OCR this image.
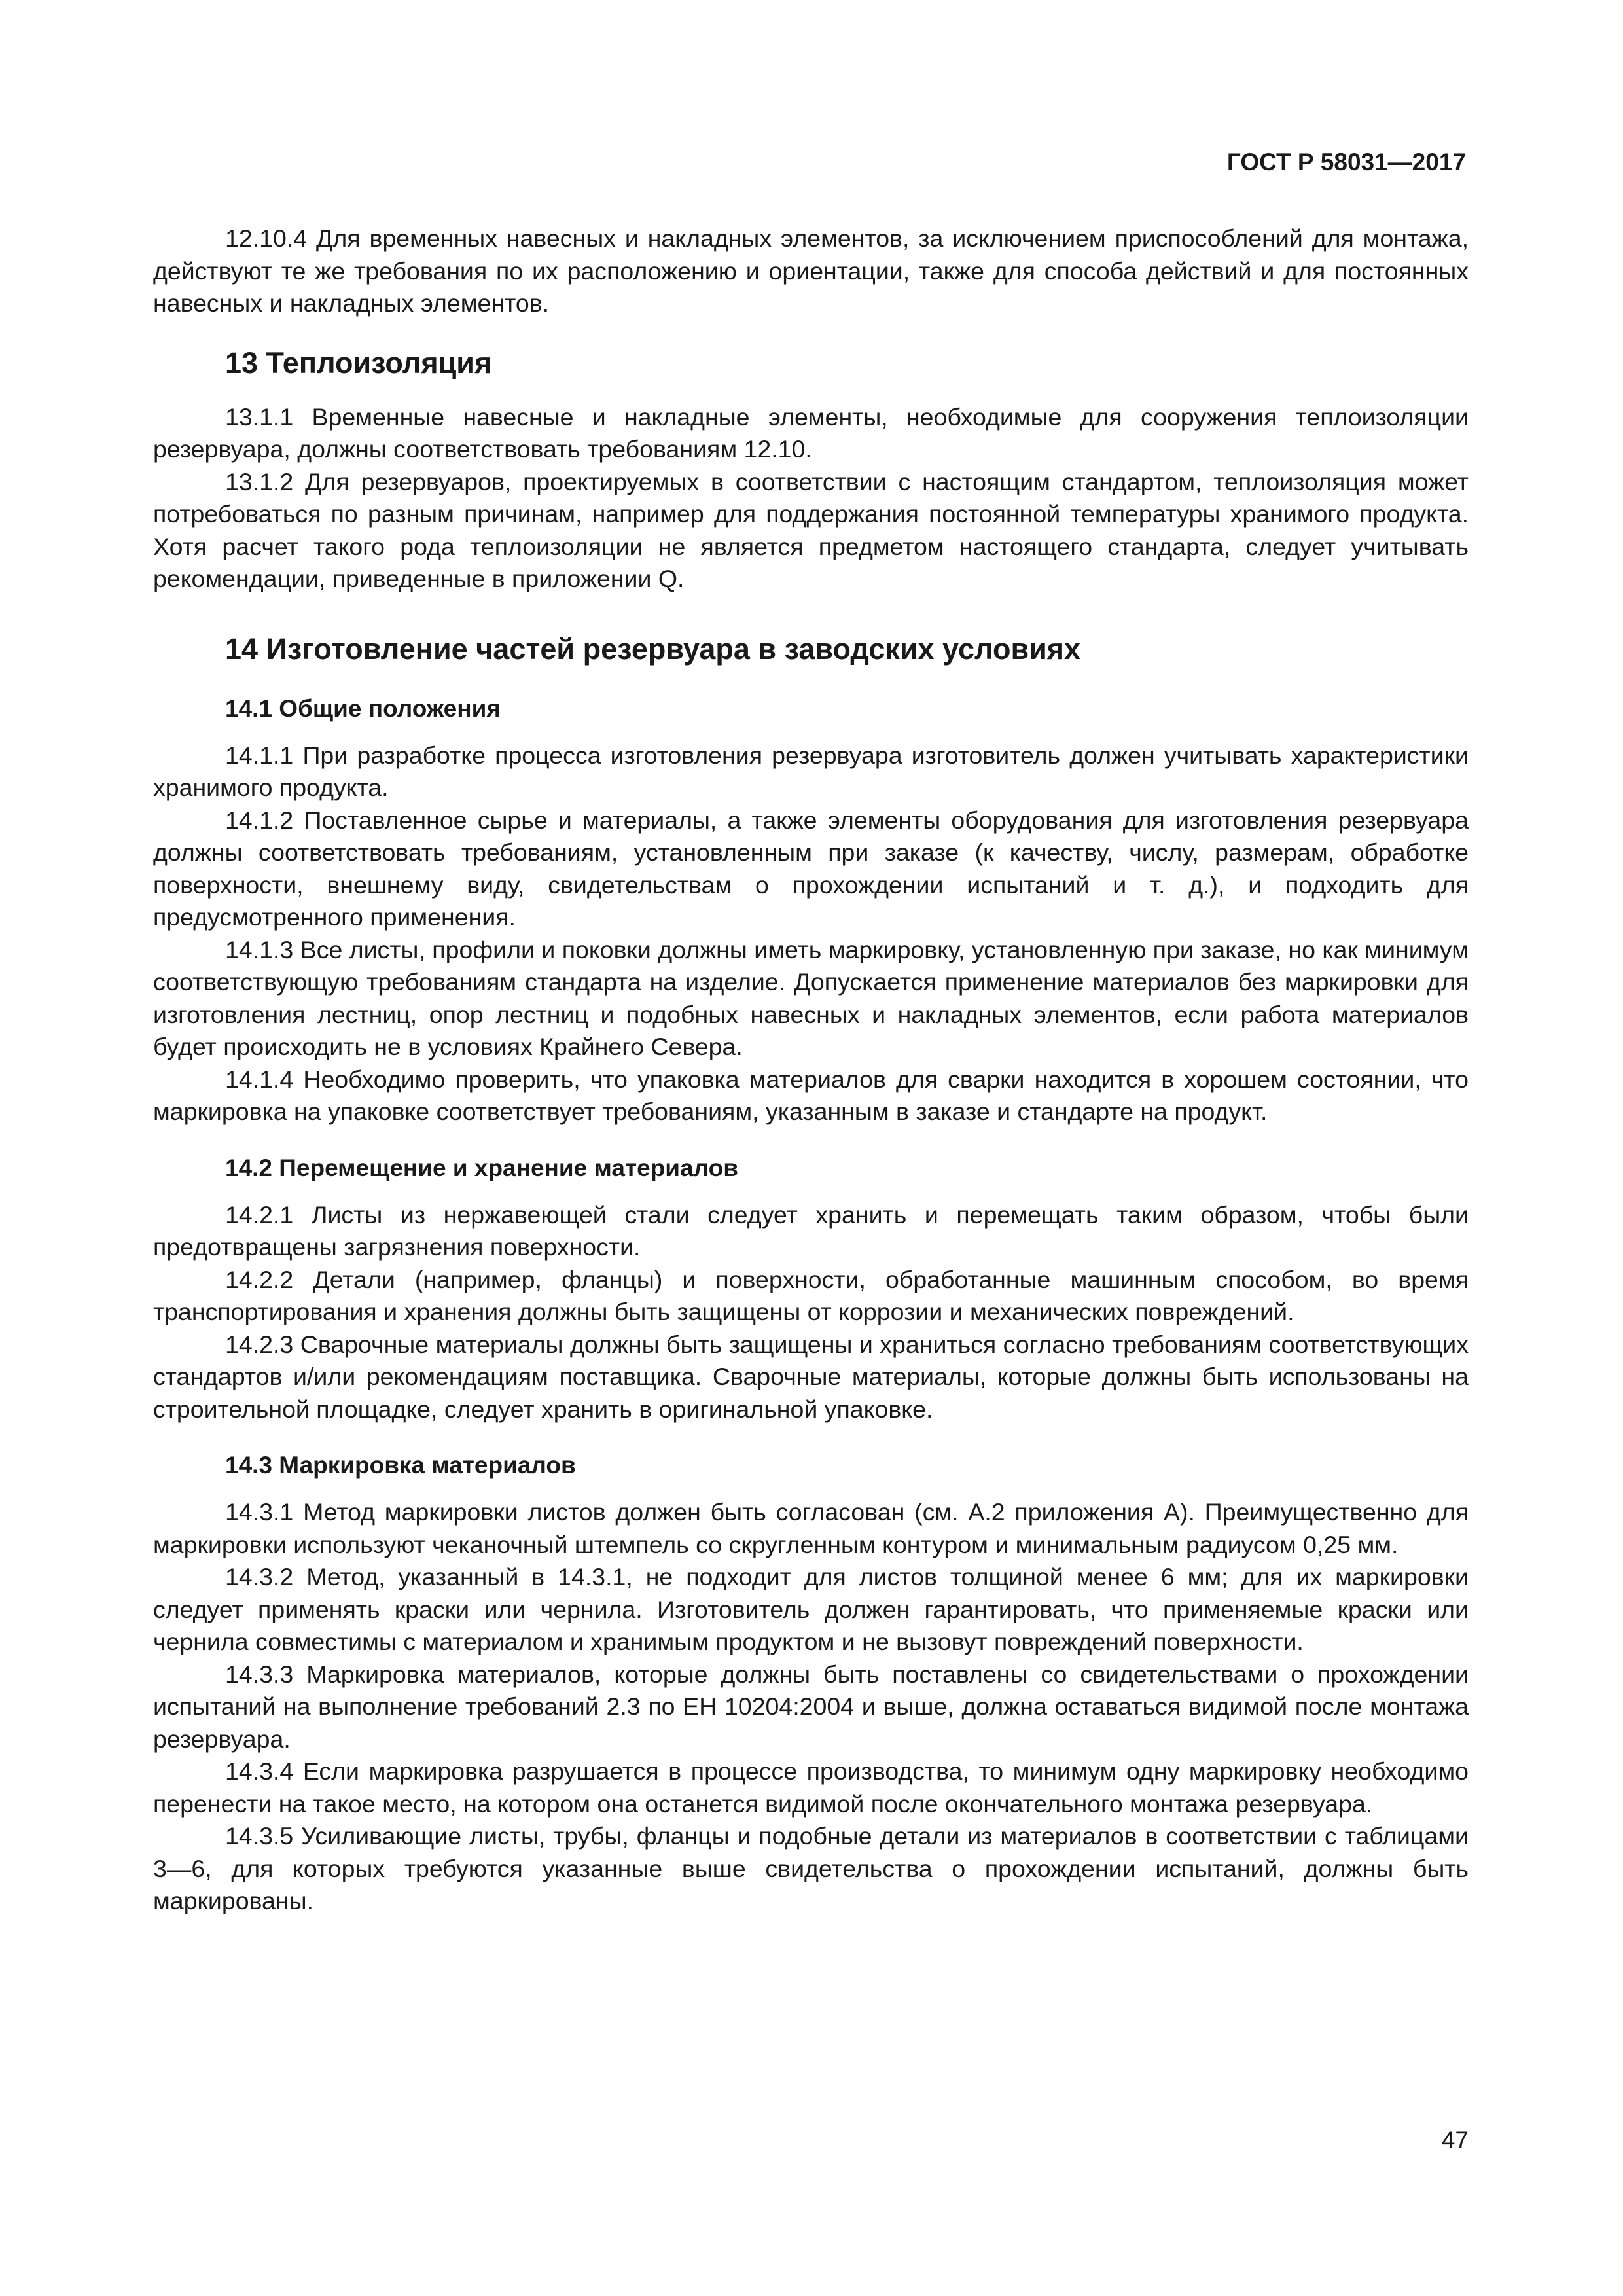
ГОСТ Р 58031—2017

12.10.4 Для временных навесных и накладных элементов, за исключением приспособлений для монтажа, действуют те же требования по их расположению и ориентации, также для способа действий и для постоянных навесных и накладных элементов.

13 Теплоизоляция

13.1.1 Временные навесные и накладные элементы, необходимые для сооружения теплоизоляции резервуара, должны соответствовать требованиям 12.10.

13.1.2 Для резервуаров, проектируемых в соответствии с настоящим стандартом, теплоизоляция может потребоваться по разным причинам, например для поддержания постоянной температуры хранимого продукта. Хотя расчет такого рода теплоизоляции не является предметом настоящего стандарта, следует учитывать рекомендации, приведенные в приложении Q.

14 Изготовление частей резервуара в заводских условиях
14.1 Общие положения

14.1.1 При разработке процесса изготовления резервуара изготовитель должен учитывать характеристики хранимого продукта.

14.1.2 Поставленное сырье и материалы, а также элементы оборудования для изготовления резервуара должны соответствовать требованиям, установленным при заказе (к качеству, числу, размерам, обработке поверхности, внешнему виду, свидетельствам о прохождении испытаний и т. д.), и подходить для предусмотренного применения.

14.1.3 Все листы, профили и поковки должны иметь маркировку, установленную при заказе, но как минимум соответствующую требованиям стандарта на изделие. Допускается применение материалов без маркировки для изготовления лестниц, опор лестниц и подобных навесных и накладных элементов, если работа материалов будет происходить не в условиях Крайнего Севера.

14.1.4 Необходимо проверить, что упаковка материалов для сварки находится в хорошем состоянии, что маркировка на упаковке соответствует требованиям, указанным в заказе и стандарте на продукт.

14.2 Перемещение и хранение материалов

14.2.1 Листы из нержавеющей стали следует хранить и перемещать таким образом, чтобы были предотвращены загрязнения поверхности.

14.2.2 Детали (например, фланцы) и поверхности, обработанные машинным способом, во время транспортирования и хранения должны быть защищены от коррозии и механических повреждений.

14.2.3 Сварочные материалы должны быть защищены и храниться согласно требованиям соответствующих стандартов и/или рекомендациям поставщика. Сварочные материалы, которые должны быть использованы на строительной площадке, следует хранить в оригинальной упаковке.

14.3 Маркировка материалов

14.3.1 Метод маркировки листов должен быть согласован (см. А.2 приложения А). Преимущественно для маркировки используют чеканочный штемпель со скругленным контуром и минимальным радиусом 0,25 мм.

14.3.2 Метод, указанный в 14.3.1, не подходит для листов толщиной менее 6 мм; для их маркировки следует применять краски или чернила. Изготовитель должен гарантировать, что применяемые краски или чернила совместимы с материалом и хранимым продуктом и не вызовут повреждений поверхности.

14.3.3 Маркировка материалов, которые должны быть поставлены со свидетельствами о прохождении испытаний на выполнение требований 2.3 по ЕН 10204:2004 и выше, должна оставаться видимой после монтажа резервуара.

14.3.4 Если маркировка разрушается в процессе производства, то минимум одну маркировку необходимо перенести на такое место, на котором она останется видимой после окончательного монтажа резервуара.

14.3.5 Усиливающие листы, трубы, фланцы и подобные детали из материалов в соответствии с таблицами 3—6, для которых требуются указанные выше свидетельства о прохождении испытаний, должны быть маркированы.

47
